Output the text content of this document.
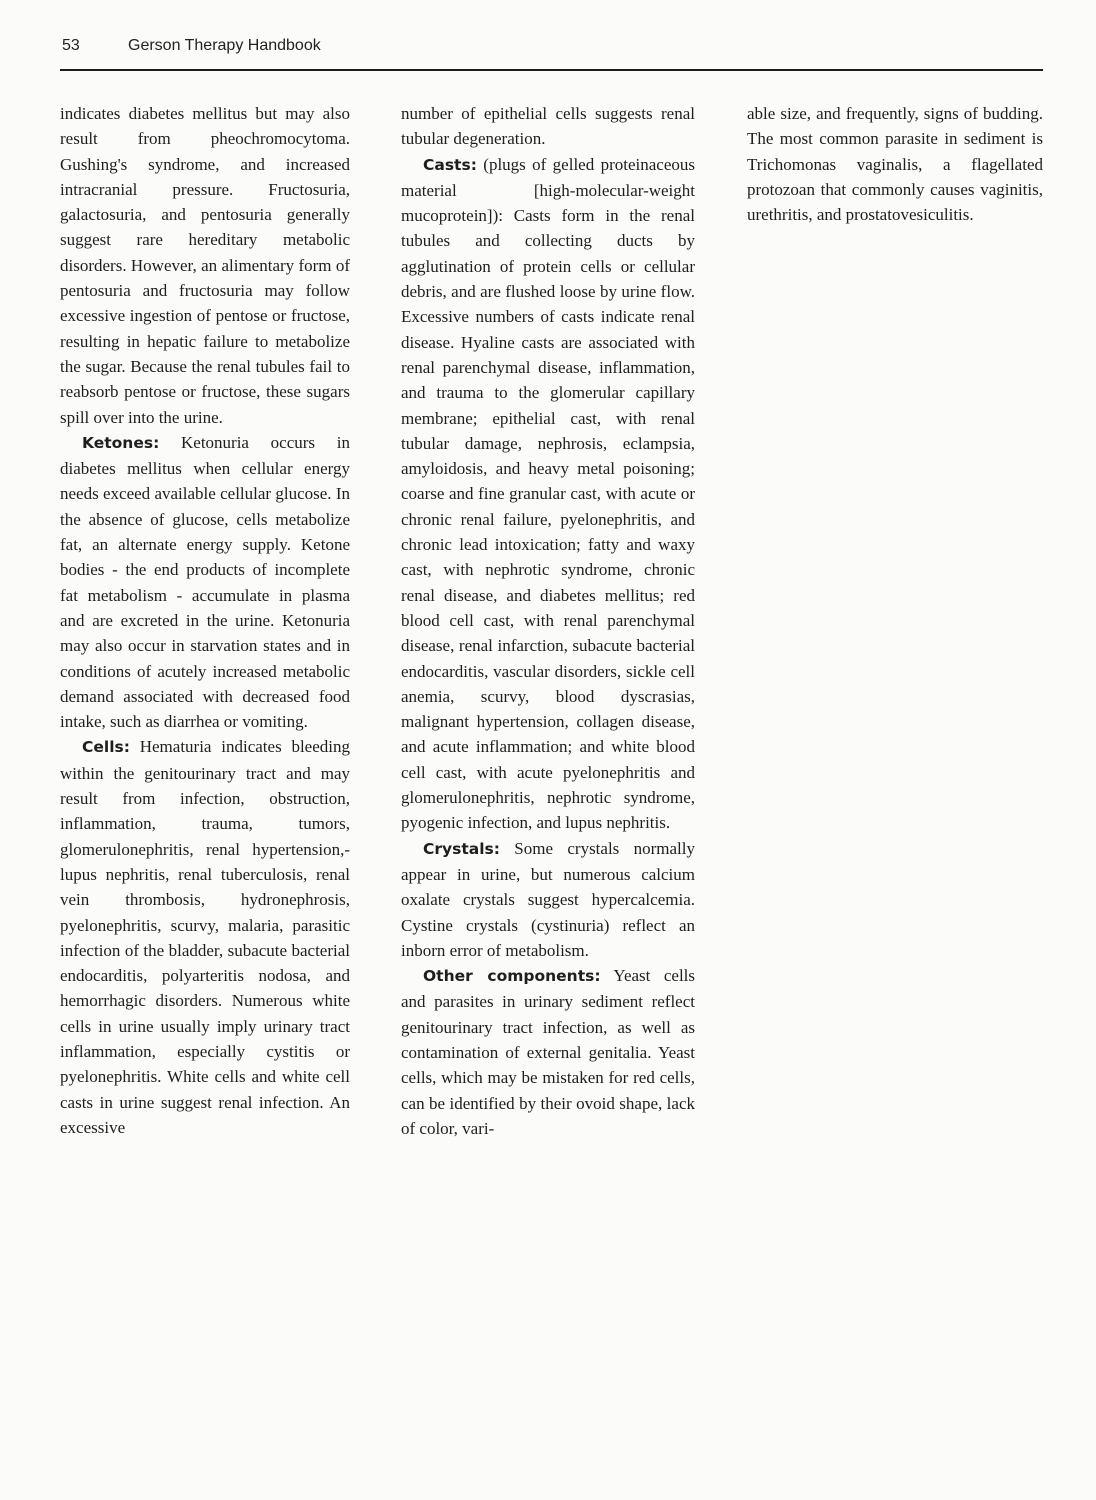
53	Gerson Therapy Handbook

indicates diabetes mellitus but may also result from pheochromocytoma. Gushing's syndrome, and increased intracranial pressure. Fructosuria, galactosuria, and pentosuria generally suggest rare hereditary metabolic disorders. However, an alimentary form of pentosuria and fructosuria may follow excessive ingestion of pentose or fructose, resulting in hepatic failure to metabolize the sugar. Because the renal tubules fail to reabsorb pentose or fructose, these sugars spill over into the urine.

Ketones: Ketonuria occurs in diabetes mellitus when cellular energy needs exceed available cellular glucose. In the absence of glucose, cells metabolize fat, an alternate energy supply. Ketone bodies - the end products of incomplete fat metabolism - accumulate in plasma and are excreted in the urine. Ketonuria may also occur in starvation states and in conditions of acutely increased metabolic demand associated with decreased food intake, such as diarrhea or vomiting.

Cells: Hematuria indicates bleeding within the genitourinary tract and may result from infection, obstruction, inflammation, trauma, tumors, glomerulonephritis, renal hypertension,-lupus nephritis, renal tuberculosis, renal vein thrombosis, hydronephrosis, pyelonephritis, scurvy, malaria, parasitic infection of the bladder, subacute bacterial endocarditis, polyarteritis nodosa, and hemorrhagic disorders. Numerous white cells in urine usually imply urinary tract inflammation, especially cystitis or pyelonephritis. White cells and white cell casts in urine suggest renal infection. An excessive

number of epithelial cells suggests renal tubular degeneration.

Casts: (plugs of gelled proteinaceous material [high-molecular-weight mucoprotein]): Casts form in the renal tubules and collecting ducts by agglutination of protein cells or cellular debris, and are flushed loose by urine flow. Excessive numbers of casts indicate renal disease. Hyaline casts are associated with renal parenchymal disease, inflammation, and trauma to the glomerular capillary membrane; epithelial cast, with renal tubular damage, nephrosis, eclampsia, amyloidosis, and heavy metal poisoning; coarse and fine granular cast, with acute or chronic renal failure, pyelonephritis, and chronic lead intoxication; fatty and waxy cast, with nephrotic syndrome, chronic renal disease, and diabetes mellitus; red blood cell cast, with renal parenchymal disease, renal infarction, subacute bacterial endocarditis, vascular disorders, sickle cell anemia, scurvy, blood dyscrasias, malignant hypertension, collagen disease, and acute inflammation; and white blood cell cast, with acute pyelonephritis and glomerulonephritis, nephrotic syndrome, pyogenic infection, and lupus nephritis.

Crystals: Some crystals normally appear in urine, but numerous calcium oxalate crystals suggest hypercalcemia. Cystine crystals (cystinuria) reflect an inborn error of metabolism.

Other components: Yeast cells and parasites in urinary sediment reflect genitourinary tract infection, as well as contamination of external genitalia. Yeast cells, which may be mistaken for red cells, can be identified by their ovoid shape, lack of color, vari-

able size, and frequently, signs of budding. The most common parasite in sediment is Trichomonas vaginalis, a flagellated protozoan that commonly causes vaginitis, urethritis, and prostatovesiculitis.
